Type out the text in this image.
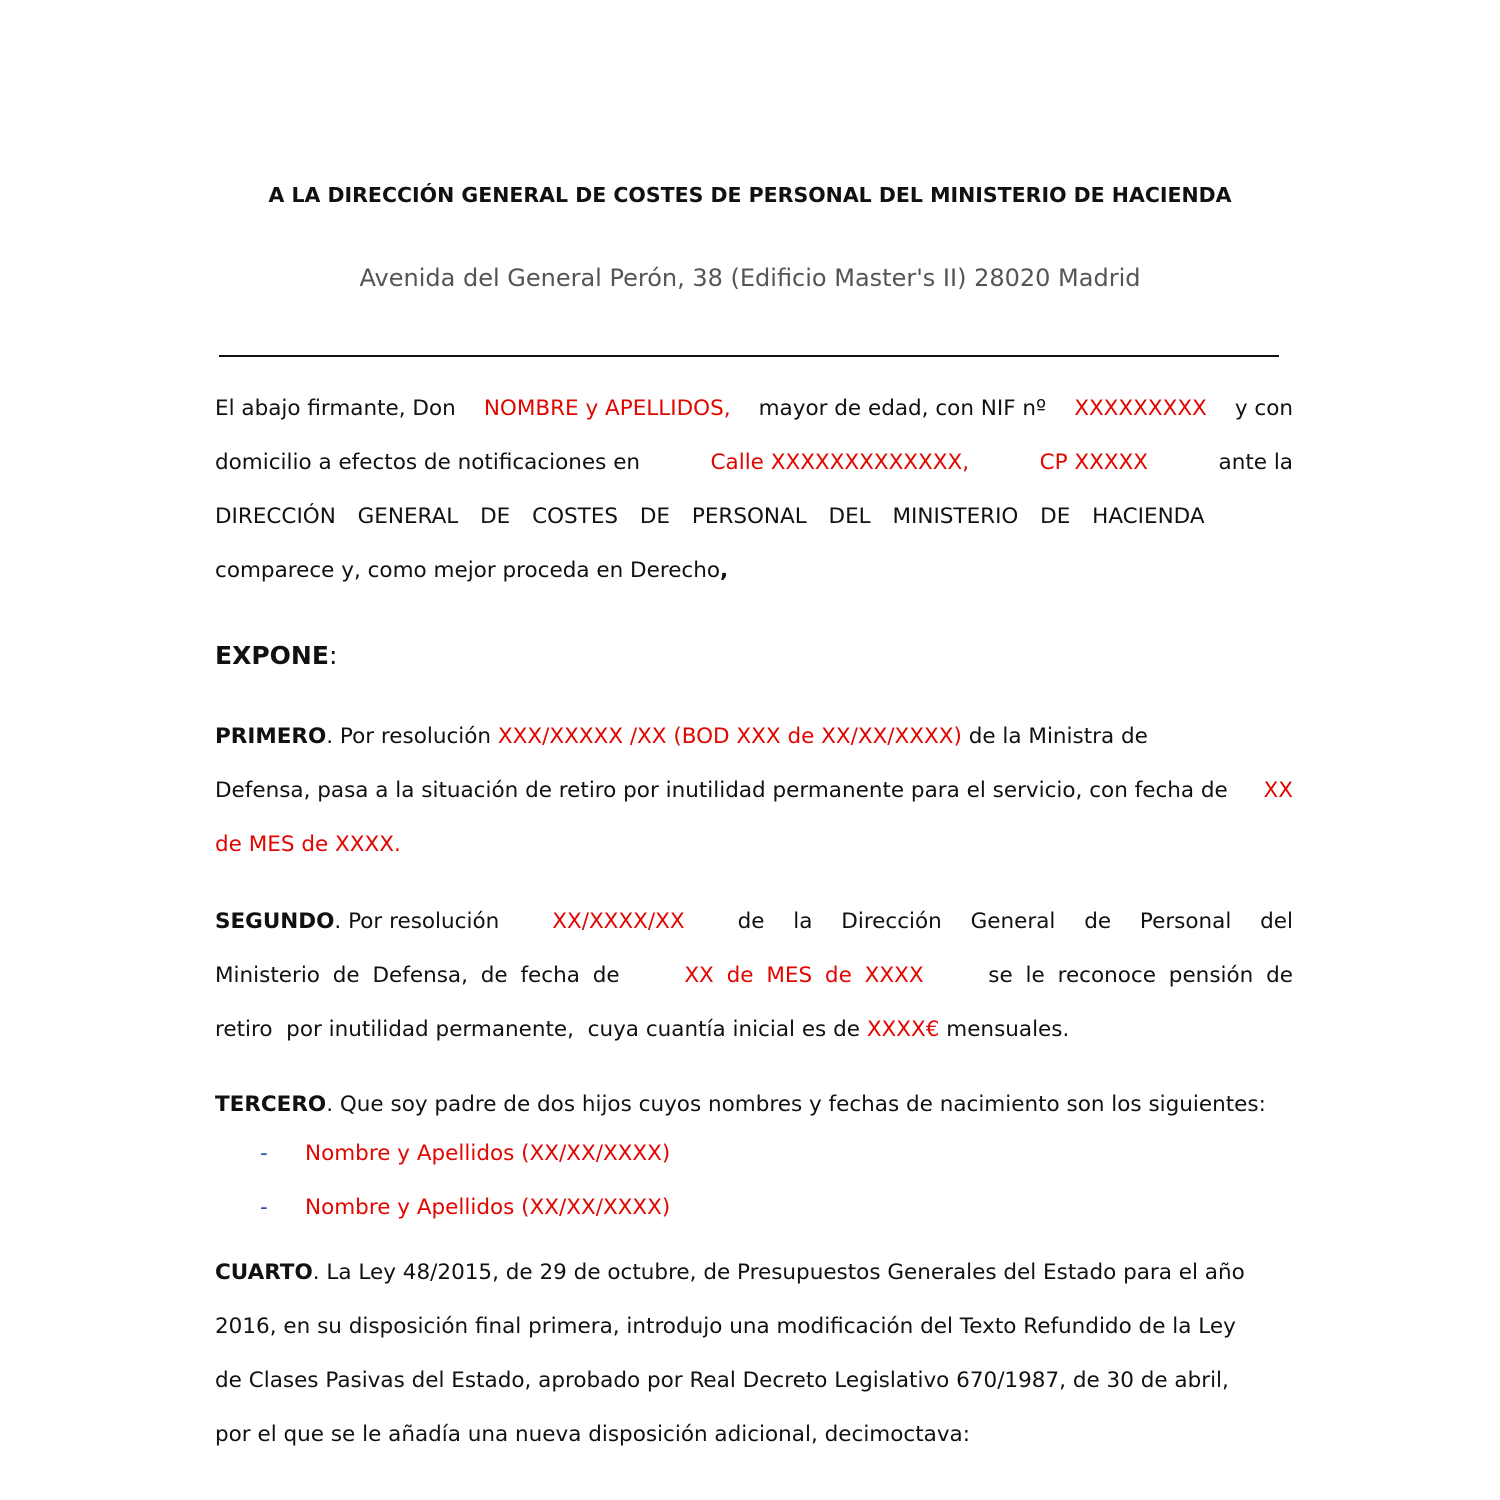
A LA DIRECCIÓN GENERAL DE COSTES DE PERSONAL DEL MINISTERIO DE HACIENDA
Avenida del General Perón, 38 (Edificio Master's II) 28020 Madrid
El abajo firmante, Don NOMBRE y APELLIDOS, mayor de edad, con NIF nº XXXXXXXXX y con
domicilio a efectos de notificaciones en	Calle XXXXXXXXXXXXX,	CP XXXXX	ante la
DIRECCIÓN GENERAL DE COSTES DE PERSONAL DEL MINISTERIO DE HACIENDA
comparece y, como mejor proceda en Derecho,
EXPONE:
PRIMERO. Por resolución XXX/XXXXX /XX (BOD XXX de XX/XX/XXXX) de la Ministra de
Defensa, pasa a la situación de retiro por inutilidad permanente para el servicio, con fecha de XX
de MES de XXXX.
SEGUNDO. Por resolución XX/XXXX/XX de la Dirección General de Personal del
Ministerio de Defensa, de fecha de	XX de MES de XXXX	se le reconoce pensión de
retiro  por inutilidad permanente,  cuya cuantía inicial es de XXXX€ mensuales.
TERCERO. Que soy padre de dos hijos cuyos nombres y fechas de nacimiento son los siguientes:
- Nombre y Apellidos (XX/XX/XXXX)
- Nombre y Apellidos (XX/XX/XXXX)
CUARTO. La Ley 48/2015, de 29 de octubre, de Presupuestos Generales del Estado para el año
2016, en su disposición final primera, introdujo una modificación del Texto Refundido de la Ley
de Clases Pasivas del Estado, aprobado por Real Decreto Legislativo 670/1987, de 30 de abril,
por el que se le añadía una nueva disposición adicional, decimoctava:
